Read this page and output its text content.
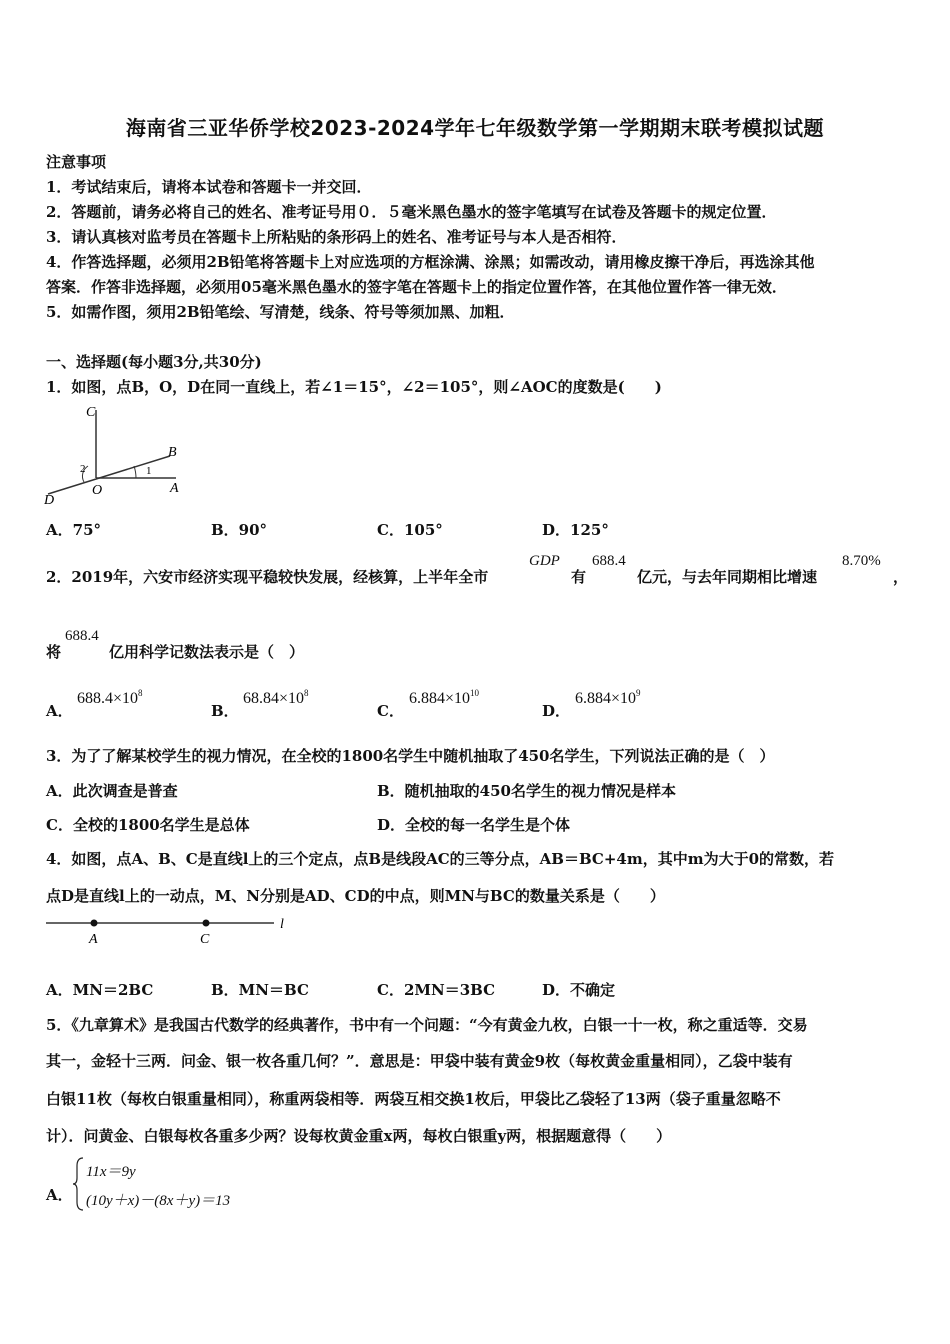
海南省三亚华侨学校2023-2024学年七年级数学第一学期期末联考模拟试题
注意事项
1．考试结束后，请将本试卷和答题卡一并交回．
2．答题前，请务必将自己的姓名、准考证号用０．５毫米黑色墨水的签字笔填写在试卷及答题卡的规定位置．
3．请认真核对监考员在答题卡上所粘贴的条形码上的姓名、准考证号与本人是否相符．
4．作答选择题，必须用2B铅笔将答题卡上对应选项的方框涂满、涂黑；如需改动，请用橡皮擦干净后，再选涂其他
答案．作答非选择题，必须用05毫米黑色墨水的签字笔在答题卡上的指定位置作答，在其他位置作答一律无效．
5．如需作图，须用2B铅笔绘、写清楚，线条、符号等须加黑、加粗．
一、选择题(每小题3分,共30分)
1．如图，点B，O，D在同一直线上，若∠1＝15°，∠2＝105°，则∠AOC的度数是(　　)
C
B
D
O	A
1
2
A．75°	B．90°	C．105°	D．125°
2．2019年，六安市经济实现平稳较快发展，经核算，上半年全市
GDP
有
688.4
亿元，与去年同期相比增速
8.70%
，
将
688.4
亿用科学记数法表示是（　）
A．
$688.4\times 10^8$
B．
$68.84\times 10^8$
C．
$6.884\times 10^{10}$
D．
$6.884\times 10^9$
3．为了了解某校学生的视力情况，在全校的1800名学生中随机抽取了450名学生，下列说法正确的是（　）
A．此次调查是普查	B．随机抽取的450名学生的视力情况是样本
C．全校的1800名学生是总体	D．全校的每一名学生是个体
4．如图，点A、B、C是直线l上的三个定点，点B是线段AC的三等分点，AB＝BC+4m，其中m为大于0的常数，若
点D是直线l上的一动点，M、N分别是AD、CD的中点，则MN与BC的数量关系是（　　）
A	C
l
A．MN＝2BC	B．MN＝BC	C．2MN＝3BC	D．不确定
5．《九章算术》是我国古代数学的经典著作，书中有一个问题：“今有黄金九枚，白银一十一枚，称之重适等．交易
其一，金轻十三两．问金、银一枚各重几何？”．意思是：甲袋中装有黄金9枚（每枚黄金重量相同），乙袋中装有
白银11枚（每枚白银重量相同），称重两袋相等．两袋互相交换1枚后，甲袋比乙袋轻了13两（袋子重量忽略不
计）．问黄金、白银每枚各重多少两？设每枚黄金重x两，每枚白银重y两，根据题意得（　　）
A．
11x＝9y
(10y＋x)－(8x＋y)＝13
